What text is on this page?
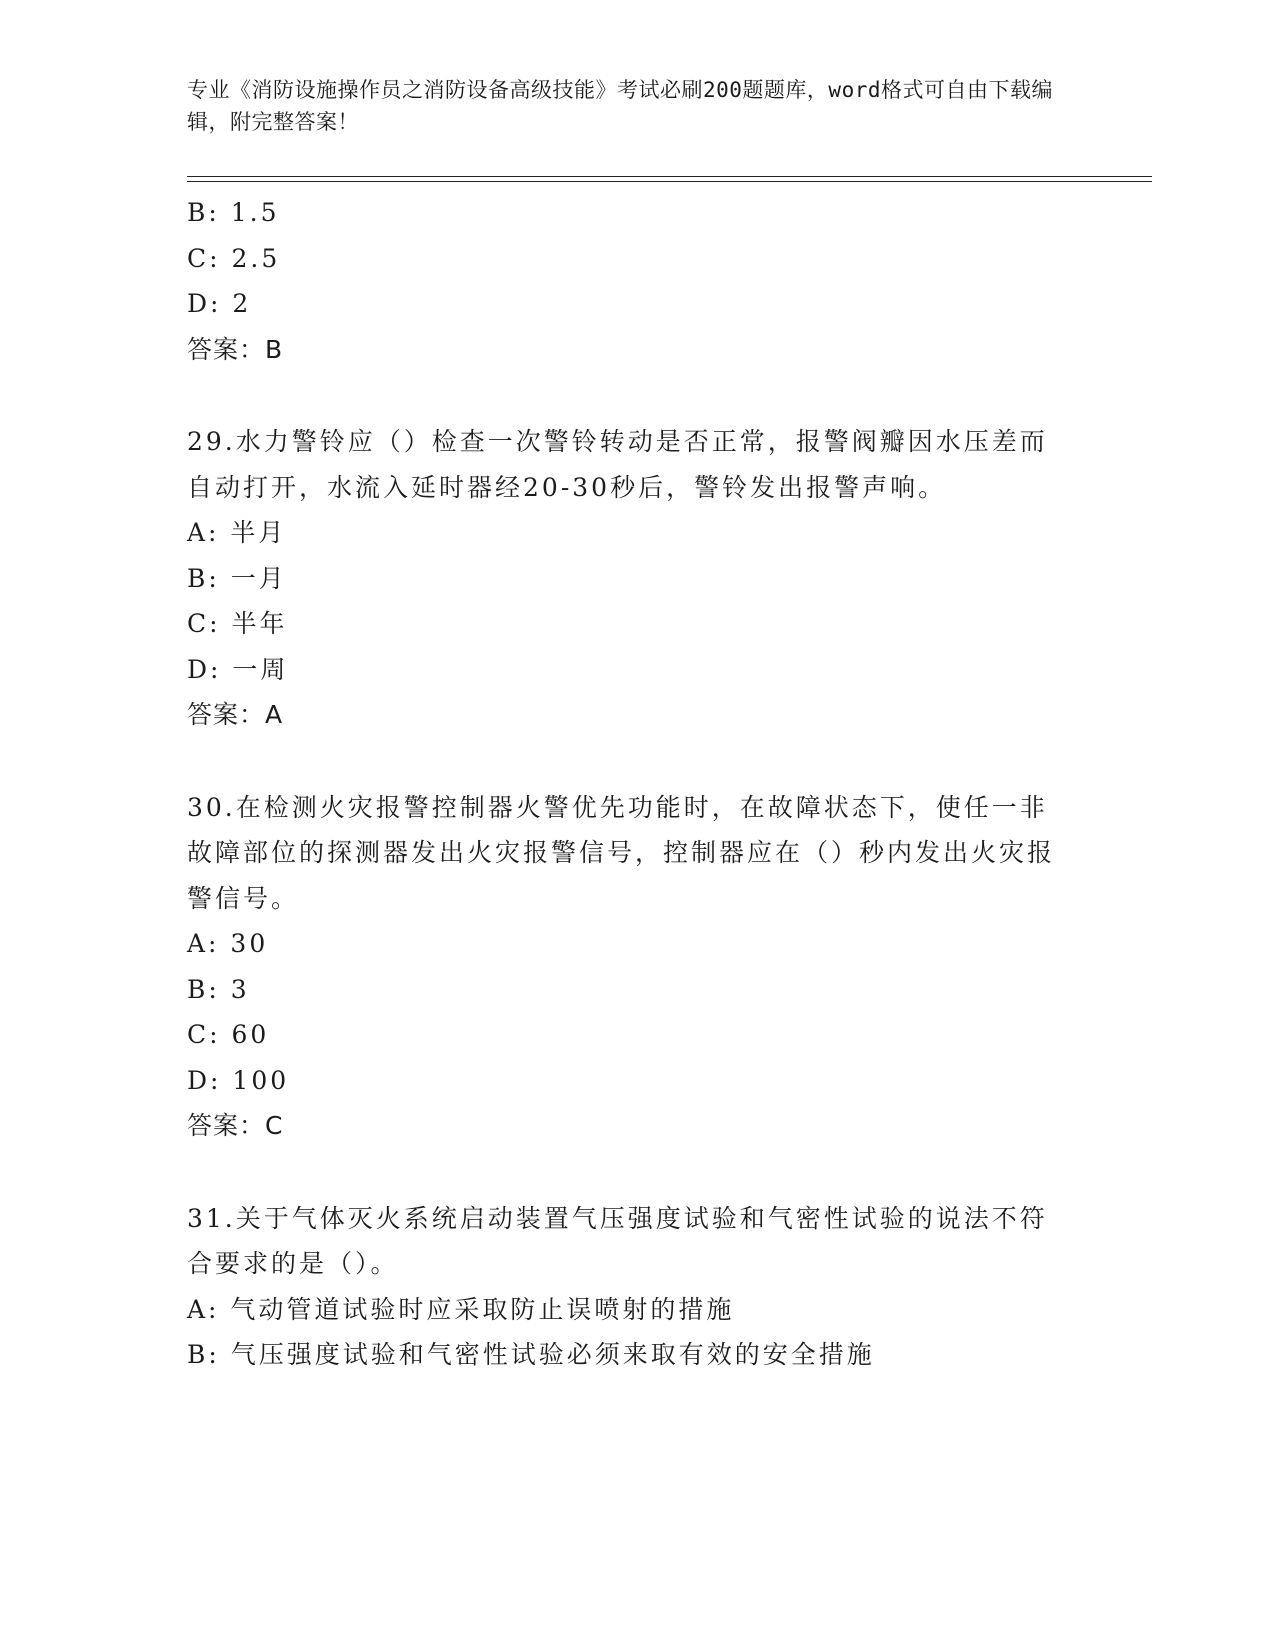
专业《消防设施操作员之消防设备高级技能》考试必刷200题题库，word格式可自由下载编辑，附完整答案！
B: 1.5
C: 2.5
D: 2
答案：B
29.水力警铃应（）检查一次警铃转动是否正常，报警阀瓣因水压差而自动打开，水流入延时器经20-30秒后，警铃发出报警声响。
A: 半月
B: 一月
C: 半年
D: 一周
答案：A
30.在检测火灾报警控制器火警优先功能时，在故障状态下，使任一非故障部位的探测器发出火灾报警信号，控制器应在（）秒内发出火灾报警信号。
A: 30
B: 3
C: 60
D: 100
答案：C
31.关于气体灭火系统启动装置气压强度试验和气密性试验的说法不符合要求的是（）。
A: 气动管道试验时应采取防止误喷射的措施
B: 气压强度试验和气密性试验必须来取有效的安全措施
